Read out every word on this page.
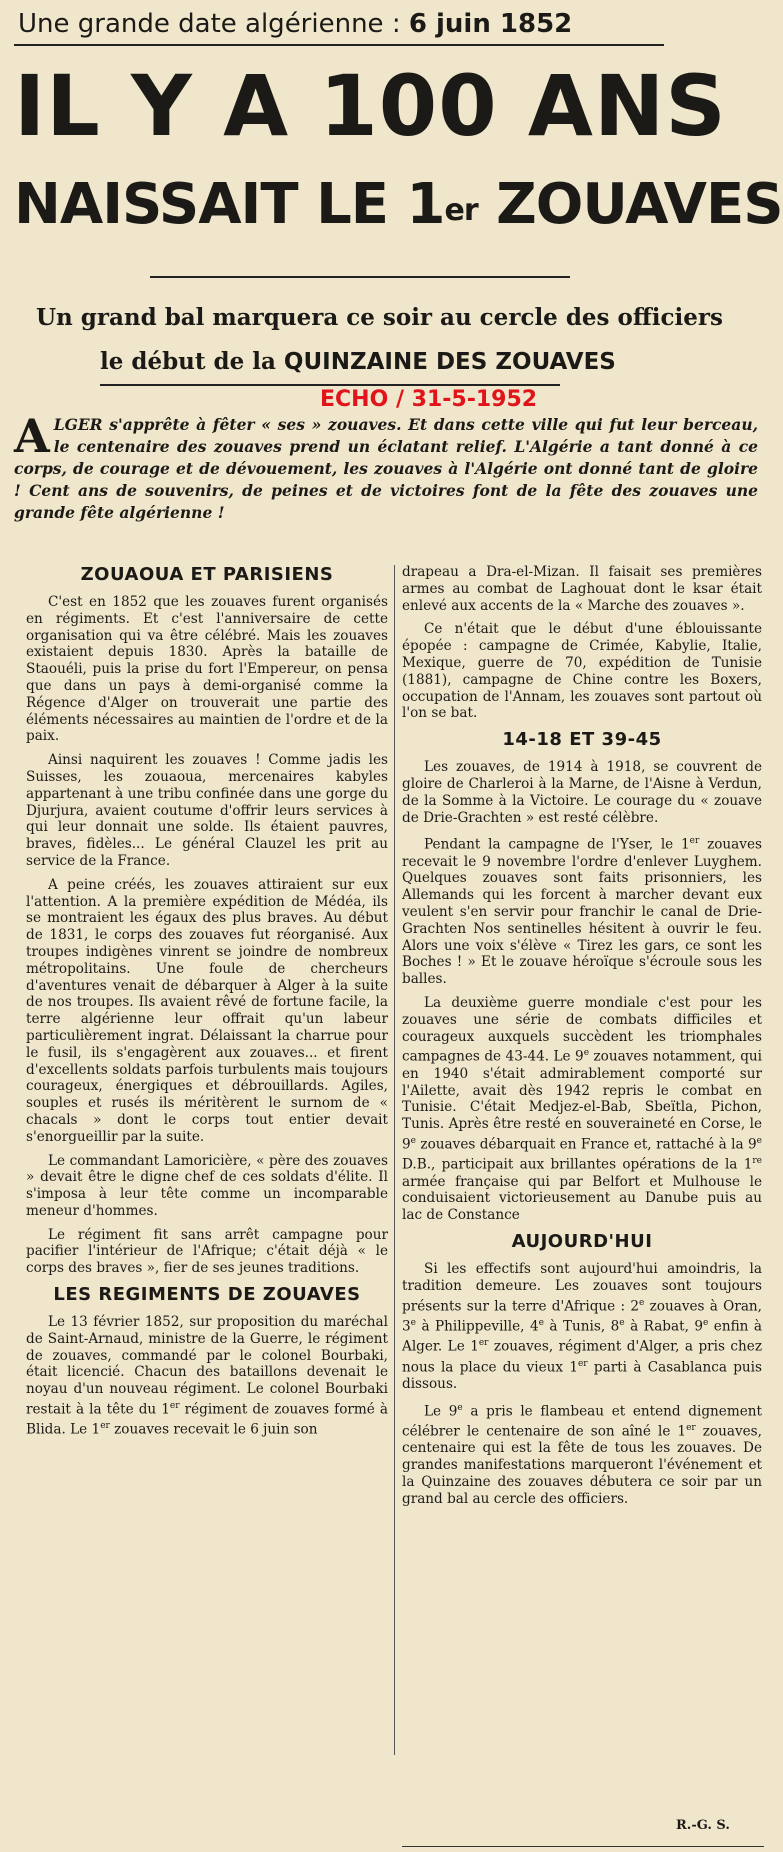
Une grande date algérienne : 6 juin 1852
IL Y A 100 ANS
NAISSAIT LE 1er ZOUAVES
Un grand bal marquera ce soir au cercle des officiers
le début de la QUINZAINE DES ZOUAVES
ECHO / 31-5-1952
ALGER s'apprête à fêter « ses » zouaves. Et dans cette ville qui fut leur berceau, le centenaire des zouaves prend un éclatant relief. L'Algérie a tant donné à ce corps, de courage et de dévouement, les zouaves à l'Algérie ont donné tant de gloire ! Cent ans de souvenirs, de peines et de victoires font de la fête des zouaves une grande fête algérienne !
ZOUAOUA ET PARISIENS

C'est en 1852 que les zouaves furent organisés en régiments. Et c'est l'anniversaire de cette organisation qui va être célébré. Mais les zouaves existaient depuis 1830. Après la bataille de Staouéli, puis la prise du fort l'Empereur, on pensa que dans un pays à demi-organisé comme la Régence d'Alger on trouverait une partie des éléments nécessaires au maintien de l'ordre et de la paix.

Ainsi naquirent les zouaves ! Comme jadis les Suisses, les zouaoua, mercenaires kabyles appartenant à une tribu confinée dans une gorge du Djurjura, avaient coutume d'offrir leurs services à qui leur donnait une solde. Ils étaient pauvres, braves, fidèles... Le général Clauzel les prit au service de la France.

A peine créés, les zouaves attiraient sur eux l'attention. A la première expédition de Médéa, ils se montraient les égaux des plus braves. Au début de 1831, le corps des zouaves fut réorganisé. Aux troupes indigènes vinrent se joindre de nombreux métropolitains. Une foule de chercheurs d'aventures venait de débarquer à Alger à la suite de nos troupes. Ils avaient rêvé de fortune facile, la terre algérienne leur offrait qu'un labeur particulièrement ingrat. Délaissant la charrue pour le fusil, ils s'engagèrent aux zouaves... et firent d'excellents soldats parfois turbulents mais toujours courageux, énergiques et débrouillards. Agiles, souples et rusés ils méritèrent le surnom de « chacals » dont le corps tout entier devait s'enorgueillir par la suite.

Le commandant Lamoricière, « père des zouaves » devait être le digne chef de ces soldats d'élite. Il s'imposa à leur tête comme un incomparable meneur d'hommes.

Le régiment fit sans arrêt campagne pour pacifier l'intérieur de l'Afrique; c'était déjà « le corps des braves », fier de ses jeunes traditions.

LES REGIMENTS DE ZOUAVES

Le 13 février 1852, sur proposition du maréchal de Saint-Arnaud, ministre de la Guerre, le régiment de zouaves, commandé par le colonel Bourbaki, était licencié. Chacun des bataillons devenait le noyau d'un nouveau régiment. Le colonel Bourbaki restait à la tête du 1er régiment de zouaves formé à Blida. Le 1er zouaves recevait le 6 juin son

drapeau a Dra-el-Mizan. Il faisait ses premières armes au combat de Laghouat dont le ksar était enlevé aux accents de la « Marche des zouaves ».

Ce n'était que le début d'une éblouissante épopée : campagne de Crimée, Kabylie, Italie, Mexique, guerre de 70, expédition de Tunisie (1881), campagne de Chine contre les Boxers, occupation de l'Annam, les zouaves sont partout où l'on se bat.

14-18 ET 39-45

Les zouaves, de 1914 à 1918, se couvrent de gloire de Charleroi à la Marne, de l'Aisne à Verdun, de la Somme à la Victoire. Le courage du « zouave de Drie-Grachten » est resté célèbre.

Pendant la campagne de l'Yser, le 1er zouaves recevait le 9 novembre l'ordre d'enlever Luyghem. Quelques zouaves sont faits prisonniers, les Allemands qui les forcent à marcher devant eux veulent s'en servir pour franchir le canal de Drie-Grachten Nos sentinelles hésitent à ouvrir le feu. Alors une voix s'élève « Tirez les gars, ce sont les Boches ! » Et le zouave héroïque s'écroule sous les balles.

La deuxième guerre mondiale c'est pour les zouaves une série de combats difficiles et courageux auxquels succèdent les triomphales campagnes de 43-44. Le 9e zouaves notamment, qui en 1940 s'était admirablement comporté sur l'Ailette, avait dès 1942 repris le combat en Tunisie. C'était Medjez-el-Bab, Sbeïtla, Pichon, Tunis. Après être resté en souveraineté en Corse, le 9e zouaves débarquait en France et, rattaché à la 9e D.B., participait aux brillantes opérations de la 1re armée française qui par Belfort et Mulhouse le conduisaient victorieusement au Danube puis au lac de Constance

AUJOURD'HUI

Si les effectifs sont aujourd'hui amoindris, la tradition demeure. Les zouaves sont toujours présents sur la terre d'Afrique : 2e zouaves à Oran, 3e à Philippeville, 4e à Tunis, 8e à Rabat, 9e enfin à Alger. Le 1er zouaves, régiment d'Alger, a pris chez nous la place du vieux 1er parti à Casablanca puis dissous.

Le 9e a pris le flambeau et entend dignement célébrer le centenaire de son aîné le 1er zouaves, centenaire qui est la fête de tous les zouaves. De grandes manifestations marqueront l'événement et la Quinzaine des zouaves débutera ce soir par un grand bal au cercle des officiers.

R.-G. S.
